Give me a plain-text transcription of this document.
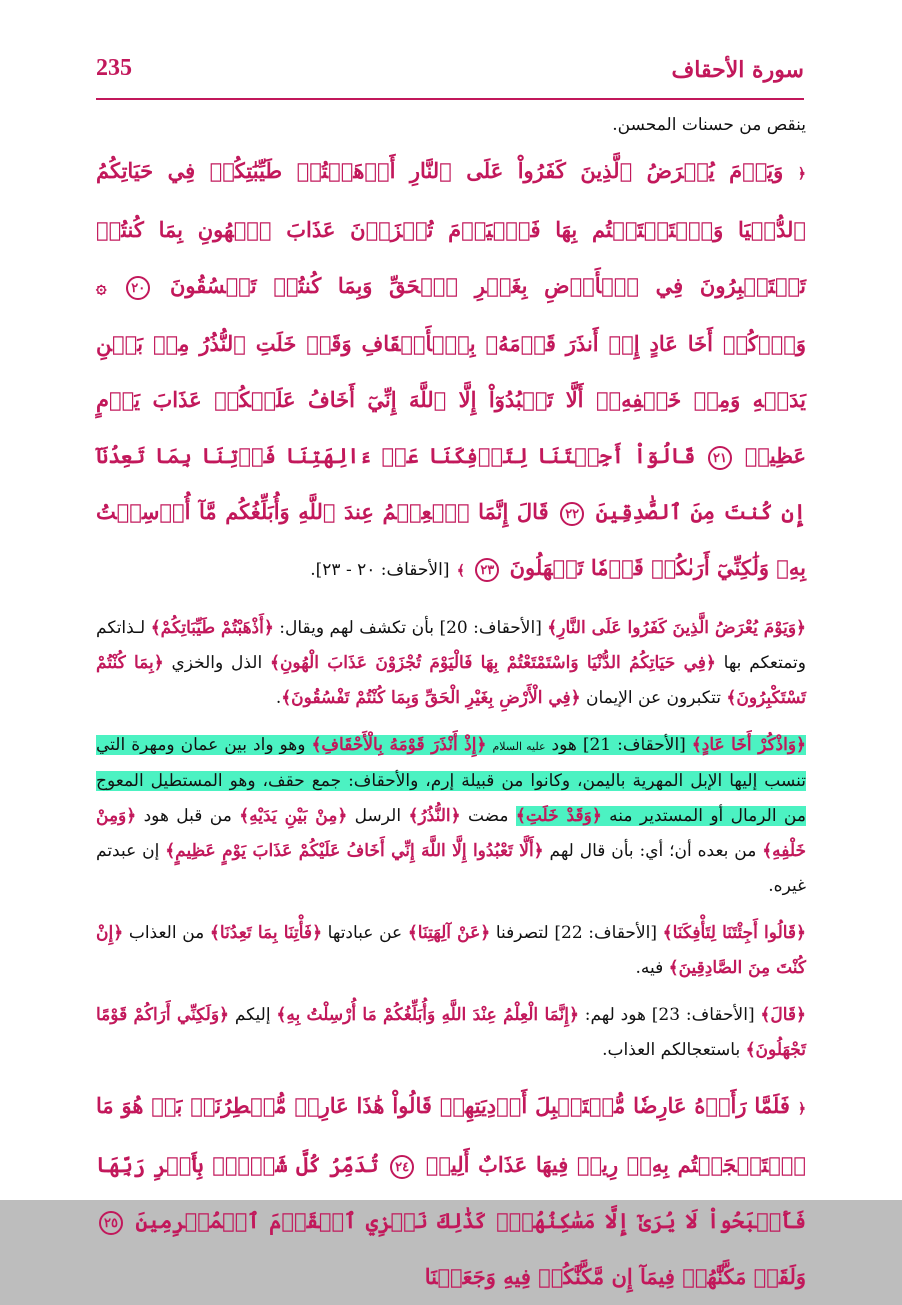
235	سورة الأحقاف

ينقص من حسنات المحسن.

﴿ وَيَوۡمَ يُعۡرَضُ ٱلَّذِينَ كَفَرُواْ عَلَى ٱلنَّارِ أَذۡهَبۡتُمۡ طَيِّبَٰتِكُمۡ فِي حَيَاتِكُمُ ٱلدُّنۡيَا وَٱسۡتَمۡتَعۡتُم بِهَا فَٱلۡيَوۡمَ تُجۡزَوۡنَ عَذَابَ ٱلۡهُونِ بِمَا كُنتُمۡ تَسۡتَكۡبِرُونَ فِي ٱلۡأَرۡضِ بِغَيۡرِ ٱلۡحَقِّ وَبِمَا كُنتُمۡ تَفۡسُقُونَ ٢٠ ۞ وَٱذۡكُرۡ أَخَا عَادٍ إِذۡ أَنذَرَ قَوۡمَهُۥ بِٱلۡأَحۡقَافِ وَقَدۡ خَلَتِ ٱلنُّذُرُ مِنۢ بَيۡنِ يَدَيۡهِ وَمِنۡ خَلۡفِهِۦٓ أَلَّا تَعۡبُدُوٓاْ إِلَّا ٱللَّهَ إِنِّيٓ أَخَافُ عَلَيۡكُمۡ عَذَابَ يَوۡمٍ عَظِيمٖ ٢١ قَالُوٓاْ أَجِئۡتَنَا لِتَأۡفِكَنَا عَنۡ ءَالِهَتِنَا فَأۡتِنَا بِمَا تَعِدُنَآ إِن كُنتَ مِنَ ٱلصَّٰدِقِينَ ٢٢ قَالَ إِنَّمَا ٱلۡعِلۡمُ عِندَ ٱللَّهِ وَأُبَلِّغُكُم مَّآ أُرۡسِلۡتُ بِهِۦ وَلَٰكِنِّيٓ أَرَىٰكُمۡ قَوۡمٗا تَجۡهَلُونَ ٢٣ ﴾ [الأحقاف: ٢٠ - ٢٣].

﴿وَيَوْمَ يُعْرَضُ الَّذِينَ كَفَرُوا عَلَى النَّارِ﴾ [الأحقاف: 20] بأن تكشف لهم ويقال: ﴿أَذْهَبْتُمْ طَيِّبَاتِكُمْ﴾ لـذاتكم وتمتعكم بها ﴿فِي حَيَاتِكُمُ الدُّنْيَا وَاسْتَمْتَعْتُمْ بِهَا فَالْيَوْمَ تُجْزَوْنَ عَذَابَ الْهُونِ﴾ الذل والخزي ﴿بِمَا كُنْتُمْ تَسْتَكْبِرُونَ﴾ تتكبرون عن الإيمان ﴿فِي الْأَرْضِ بِغَيْرِ الْحَقِّ وَبِمَا كُنْتُمْ تَفْسُقُونَ﴾.

﴿وَاذْكُرْ أَخَا عَادٍ﴾ [الأحقاف: 21] هود عليه السلام ﴿إِذْ أَنْذَرَ قَوْمَهُ بِالْأَحْقَافِ﴾ وهو واد بين عمان ومهرة التي تنسب إليها الإبل المهرية باليمن، وكانوا من قبيلة إرم، والأحقاف: جمع حقف، وهو المستطيل المعوج من الرمال أو المستدير منه ﴿وَقَدْ خَلَتِ﴾ مضت ﴿النُّذُرُ﴾ الرسل ﴿مِنْ بَيْنِ يَدَيْهِ﴾ من قبل هود ﴿وَمِنْ خَلْفِهِ﴾ من بعده أن؛ أي: بأن قال لهم ﴿أَلَّا تَعْبُدُوا إِلَّا اللَّهَ إِنِّي أَخَافُ عَلَيْكُمْ عَذَابَ يَوْمٍ عَظِيمٍ﴾ إن عبدتم غيره.

﴿قَالُوا أَجِئْتَنَا لِتَأْفِكَنَا﴾ [الأحقاف: 22] لتصرفنا ﴿عَنْ آلِهَتِنَا﴾ عن عبادتها ﴿فَأْتِنَا بِمَا تَعِدُنَا﴾ من العذاب ﴿إِنْ كُنْتَ مِنَ الصَّادِقِينَ﴾ فيه.

﴿قَالَ﴾ [الأحقاف: 23] هود لهم: ﴿إِنَّمَا الْعِلْمُ عِنْدَ اللَّهِ وَأُبَلِّغُكُمْ مَا أُرْسِلْتُ بِهِ﴾ إليكم ﴿وَلَكِنِّي أَرَاكُمْ قَوْمًا تَجْهَلُونَ﴾ باستعجالكم العذاب.

﴿ فَلَمَّا رَأَوۡهُ عَارِضٗا مُّسۡتَقۡبِلَ أَوۡدِيَتِهِمۡ قَالُواْ هَٰذَا عَارِضٞ مُّمۡطِرُنَاۚ بَلۡ هُوَ مَا ٱسۡتَعۡجَلۡتُم بِهِۦۖ رِيحٞ فِيهَا عَذَابٌ أَلِيمٞ ٢٤ تُدَمِّرُ كُلَّ شَيۡءِۭ بِأَمۡرِ رَبِّهَا فَأَصۡبَحُواْ لَا يُرَىٰٓ إِلَّا مَسَٰكِنُهُمۡۚ كَذَٰلِكَ نَجۡزِي ٱلۡقَوۡمَ ٱلۡمُجۡرِمِينَ ٢٥ وَلَقَدۡ مَكَّنَّٰهُمۡ فِيمَآ إِن مَّكَّنَّٰكُمۡ فِيهِ وَجَعَلۡنَا
